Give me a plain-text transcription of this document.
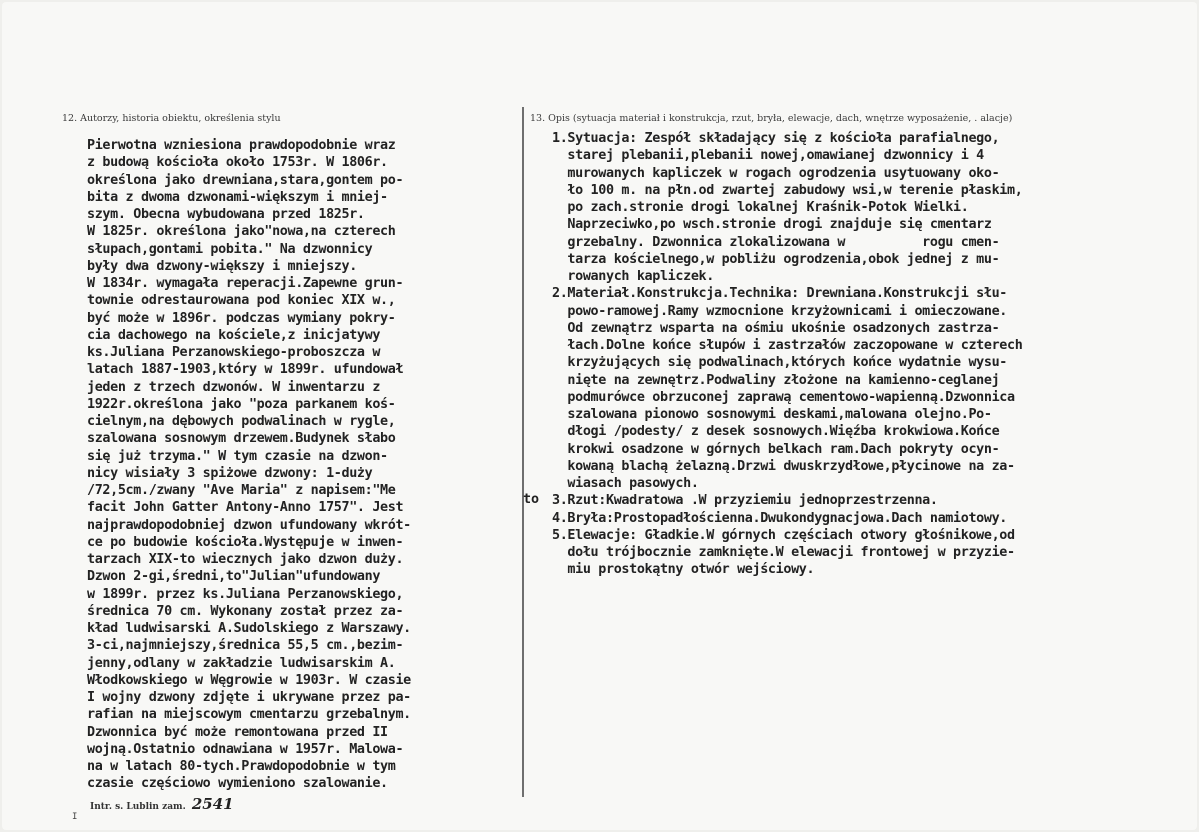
12. Autorzy, historia obiektu, określenia stylu	13. Opis (sytuacja materiał i konstrukcja, rzut, bryła, elewacje, dach, wnętrze wyposażenie, . alacje)
Pierwotna wzniesiona prawdopodobnie wraz
z budową kościoła około 1753r. W 1806r.
określona jako drewniana,stara,gontem po-
bita z dwoma dzwonami-większym i mniej-
szym. Obecna wybudowana przed 1825r.
W 1825r. określona jako"nowa,na czterech
słupach,gontami pobita." Na dzwonnicy
były dwa dzwony-większy i mniejszy.
W 1834r. wymagała reperacji.Zapewne grun-
townie odrestaurowana pod koniec XIX w.,
być może w 1896r. podczas wymiany pokry-
cia dachowego na kościele,z inicjatywy
ks.Juliana Perzanowskiego-proboszcza w
latach 1887-1903,który w 1899r. ufundował
jeden z trzech dzwonów. W inwentarzu z
1922r.określona jako "poza parkanem koś-
cielnym,na dębowych podwalinach w rygle,
szalowana sosnowym drzewem.Budynek słabo
się już trzyma." W tym czasie na dzwon-
nicy wisiały 3 spiżowe dzwony: 1-duży
/72,5cm./zwany "Ave Maria" z napisem:"Me
facit John Gatter Antony-Anno 1757". Jest
najprawdopodobniej dzwon ufundowany wkrót-
ce po budowie kościoła.Występuje w inwen-
tarzach XIX-to wiecznych jako dzwon duży.
Dzwon 2-gi,średni,to"Julian"ufundowany
w 1899r. przez ks.Juliana Perzanowskiego,
średnica 70 cm. Wykonany został przez za-
kład ludwisarski A.Sudolskiego z Warszawy.
3-ci,najmniejszy,średnica 55,5 cm.,bezim-
jenny,odlany w zakładzie ludwisarskim A.
Włodkowskiego w Węgrowie w 1903r. W czasie
I wojny dzwony zdjęte i ukrywane przez pa-
rafian na miejscowym cmentarzu grzebalnym.
Dzwonnica być może remontowana przed II
wojną.Ostatnio odnawiana w 1957r. Malowa-
na w latach 80-tych.Prawdopodobnie w tym
czasie częściowo wymieniono szalowanie.
1.Sytuacja: Zespół składający się z kościoła parafialnego,
starej plebanii,plebanii nowej,omawianej dzwonnicy i 4
murowanych kapliczek w rogach ogrodzenia usytuowany oko-
ło 100 m. na płn.od zwartej zabudowy wsi,w terenie płaskim,
po zach.stronie drogi lokalnej Kraśnik-Potok Wielki.
Naprzeciwko,po wsch.stronie drogi znajduje się cmentarz
grzebalny. Dzwonnica zlokalizowana w          rogu cmen-
tarza kościelnego,w pobliżu ogrodzenia,obok jednej z mu-
rowanych kapliczek.
2.Materiał.Konstrukcja.Technika: Drewniana.Konstrukcji słu-
powo-ramowej.Ramy wzmocnione krzyżownicami i omieczowane.
Od zewnątrz wsparta na ośmiu ukośnie osadzonych zastrza-
łach.Dolne końce słupów i zastrzałów zaczopowane w czterech
krzyżujących się podwalinach,których końce wydatnie wysu-
nięte na zewnętrz.Podwaliny złożone na kamienno-ceglanej
podmurówce obrzuconej zaprawą cementowo-wapienną.Dzwonnica
szalowana pionowo sosnowymi deskami,malowana olejno.Po-
dłogi /podesty/ z desek sosnowych.Więźba krokwiowa.Końce
krokwi osadzone w górnych belkach ram.Dach pokryty ocyn-
kowaną blachą żelazną.Drzwi dwuskrzydłowe,płycinowe na za-
wiasach pasowych.
3.Rzut:Kwadratowa .W przyziemiu jednoprzestrzenna.
4.Bryła:Prostopadłościenna.Dwukondygnacjowa.Dach namiotowy.
5.Elewacje: Gładkie.W górnych częściach otwory głośnikowe,od
dołu trójbocznie zamknięte.W elewacji frontowej w przyzie-
miu prostokątny otwór wejściowy.
to
Intr. s. Lublin zam. 2541
I
